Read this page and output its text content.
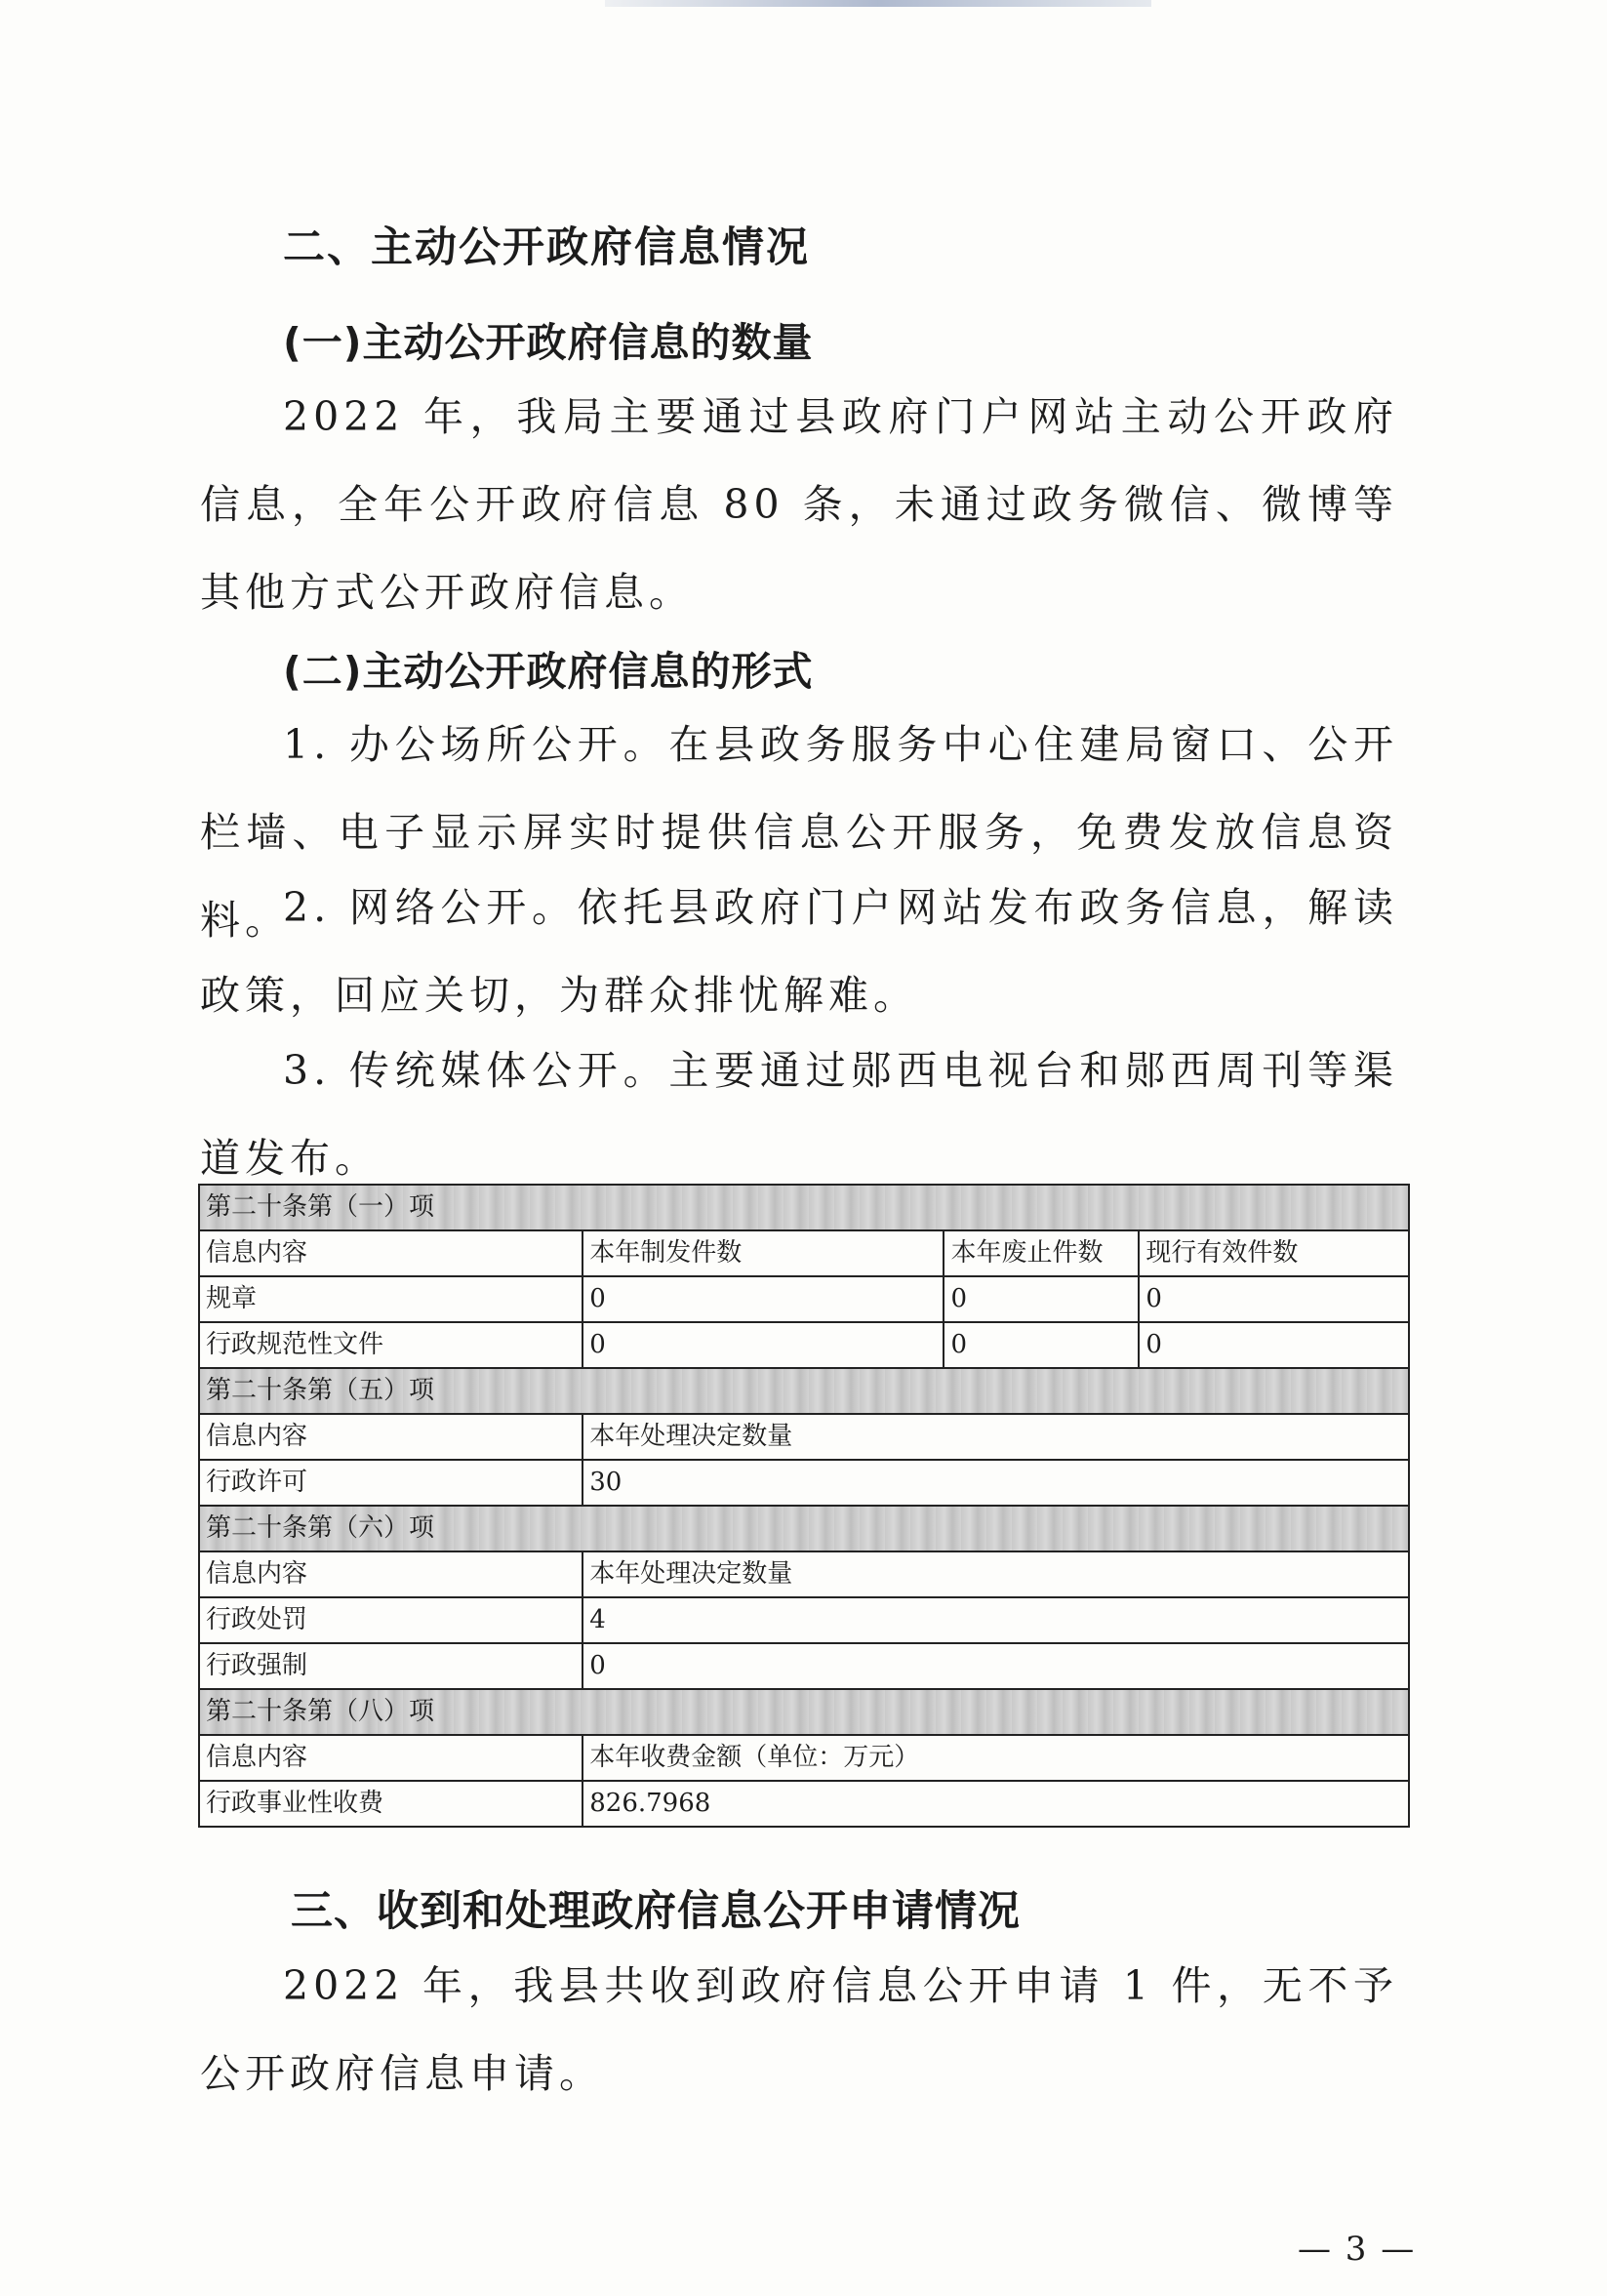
二、主动公开政府信息情况
(一)主动公开政府信息的数量

2022 年，我局主要通过县政府门户网站主动公开政府信息，全年公开政府信息 80 条，未通过政务微信、微博等其他方式公开政府信息。

(二)主动公开政府信息的形式

1. 办公场所公开。在县政务服务中心住建局窗口、公开栏墙、电子显示屏实时提供信息公开服务，免费发放信息资料。

2. 网络公开。依托县政府门户网站发布政务信息，解读政策，回应关切，为群众排忧解难。

3. 传统媒体公开。主要通过郧西电视台和郧西周刊等渠道发布。

第二十条第（一）项			
信息内容	本年制发件数	本年废止件数	现行有效件数
规章	0	0	0
行政规范性文件	0	0	0
第二十条第（五）项			
信息内容	本年处理决定数量		
行政许可	30		
第二十条第（六）项			
信息内容	本年处理决定数量		
行政处罚	4		
行政强制	0		
第二十条第（八）项			
信息内容	本年收费金额（单位：万元）		
行政事业性收费	826.7968		
三、收到和处理政府信息公开申请情况

2022 年，我县共收到政府信息公开申请 1 件，无不予公开政府信息申请。

— 3 —
